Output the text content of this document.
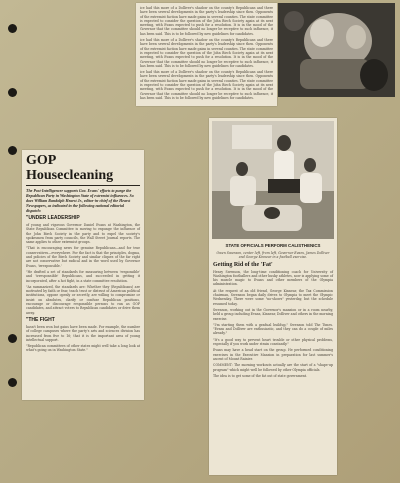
ice had this more of a Dolliver's shadow on the county's Republicans and there have been several developments in the party's leadership since then. Opponents of the extremist faction have made gains in several counties. The state committee is expected to consider the question of the John Birch Society again at its next meeting, with Evans expected to push for a resolution. It is in the mood of the Governor that the committee should no longer be receptive to such influence, it has been said. This is to be followed by new guidelines for candidates.

ice had this more of a Dolliver's shadow on the county's Republicans and there have been several developments in the party's leadership since then. Opponents of the extremist faction have made gains in several counties. The state committee is expected to consider the question of the John Birch Society again at its next meeting, with Evans expected to push for a resolution. It is in the mood of the Governor that the committee should no longer be receptive to such influence, it has been said. This is to be followed by new guidelines for candidates.

ice had this more of a Dolliver's shadow on the county's Republicans and there have been several developments in the party's leadership since then. Opponents of the extremist faction have made gains in several counties. The state committee is expected to consider the question of the John Birch Society again at its next meeting, with Evans expected to push for a resolution. It is in the mood of the Governor that the committee should no longer be receptive to such influence, it has been said. This is to be followed by new guidelines for candidates.

GOP Housecleaning

The Post-Intelligencer supports Gov. Evans' efforts to purge the Republican Party in Washington State of extremist influences. So does William Randolph Hearst Jr., editor-in-chief of the Hearst Newspapers, as indicated in the following national editorial dispatch:

"UNDER LEADERSHIP

of young and vigorous Governor Daniel Evans at Washington, the State Republican Committee is moving to expunge the influence of the John Birch Society in the party and to expel the society's spokesmen from party councils, the Wall Street Journal reports. The same applies to other extremist groups.

"That is encouraging news for genuine Republicans—and for true conservatives—everywhere. For the fact is that the principles, dogma, and policies of the Birch Society and similar cliques of the far right are not conservative but radical and in the word used by Governor Evans, 'irresponsible.'

"He drafted a set of standards for measuring between 'responsible' and 'irresponsible' Republicans, and succeeded in getting it incorporated, after a hot fight, in a state committee resolution.

"As summarized, the standards are: Whether they (Republicans) are motivated by faith or fear, teach trust or distrust of American political institutions, oppose openly or secretly, are willing to compromise or insist on absolutes, clarify or confuse Republican positions, encourage or discourage responsible persons to run as GOP candidates, and attract voters to Republican candidates or drive them away.

"THE FIGHT

hasn't been won but gains have been made. For example, the number of college campuses where the party's arts and sciences division has increased from five to 16; that it is the important area of young intellectual support.

"Republican committees of other states might well take a long look at what's going on in Washington State."

STATE OFFICIALS PERFORM CALISTHENICS

Owen Swenson, center left, from left, Governor Evans, James Dolliver and George Kinnear in a football exercise.

Getting Rid of the 'Fat'

Henry Swenson, the long-time conditioning coach for University of Washington footballers and other husky athletes, now is applying some of his muscle magic to Evans and other members of the Olympia administration.

At the request of an old friend, George Kinnear, the Tax Commission chairman, Swenson began daily drives to Olympia to meet the Olympic Wednesday. There were some "no-shows" yesterday, but the schedule resumed today.

Swenson, working out in the Governor's mansion or in a room nearby, held a group including Evans, Kinnear, Dolliver and others in the morning exercise.

"I'm starting them with a gradual buildup," Swenson told The Times. "Evans and Dolliver are enthusiastic, and they can do a couple of miles already."

"It's a good way to prevent heart trouble or other physical problems, especially if you work under strain constantly."

Evans may have a head start on the group. He performed conditioning exercises in the Executive Mansion in preparation for last summer's ascent of Mount Rainier.

COMMENT: The morning workouts actually are the start of a "shape-up program" which might well be followed by other Olympia officials.

The idea is to get some of the fat out of state government.
